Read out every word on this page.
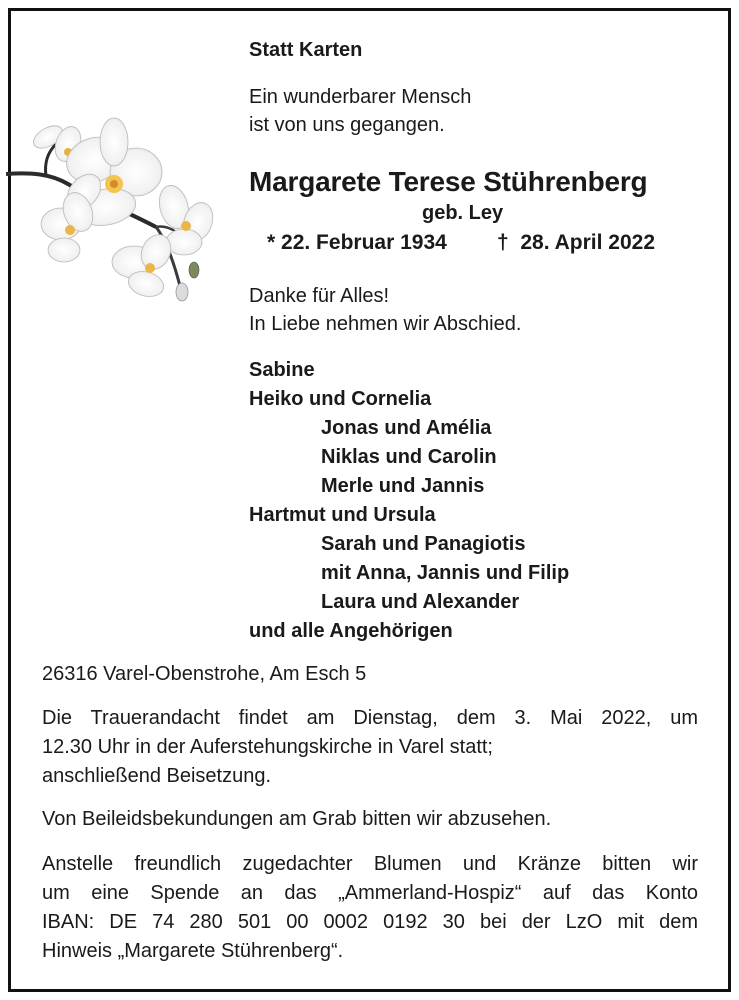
Statt Karten
Ein wunderbarer Mensch
ist von uns gegangen.
Margarete Terese Stührenberg
geb. Ley
* 22. Februar 1934 † 28. April 2022
Danke für Alles!
In Liebe nehmen wir Abschied.
Sabine
Heiko und Cornelia
Jonas und Amélia
Niklas und Carolin
Merle und Jannis
Hartmut und Ursula
Sarah und Panagiotis
mit Anna, Jannis und Filip
Laura und Alexander
und alle Angehörigen
26316 Varel-Obenstrohe, Am Esch 5
Die Trauerandacht findet am Dienstag, dem 3. Mai 2022, um
12.30 Uhr in der Auferstehungskirche in Varel statt;
anschließend Beisetzung.
Von Beileidsbekundungen am Grab bitten wir abzusehen.
Anstelle freundlich zugedachter Blumen und Kränze bitten wir
um eine Spende an das „Ammerland-Hospiz“ auf das Konto
IBAN: DE 74 280 501 00 0002 0192 30 bei der LzO mit dem
Hinweis „Margarete Stührenberg“.
